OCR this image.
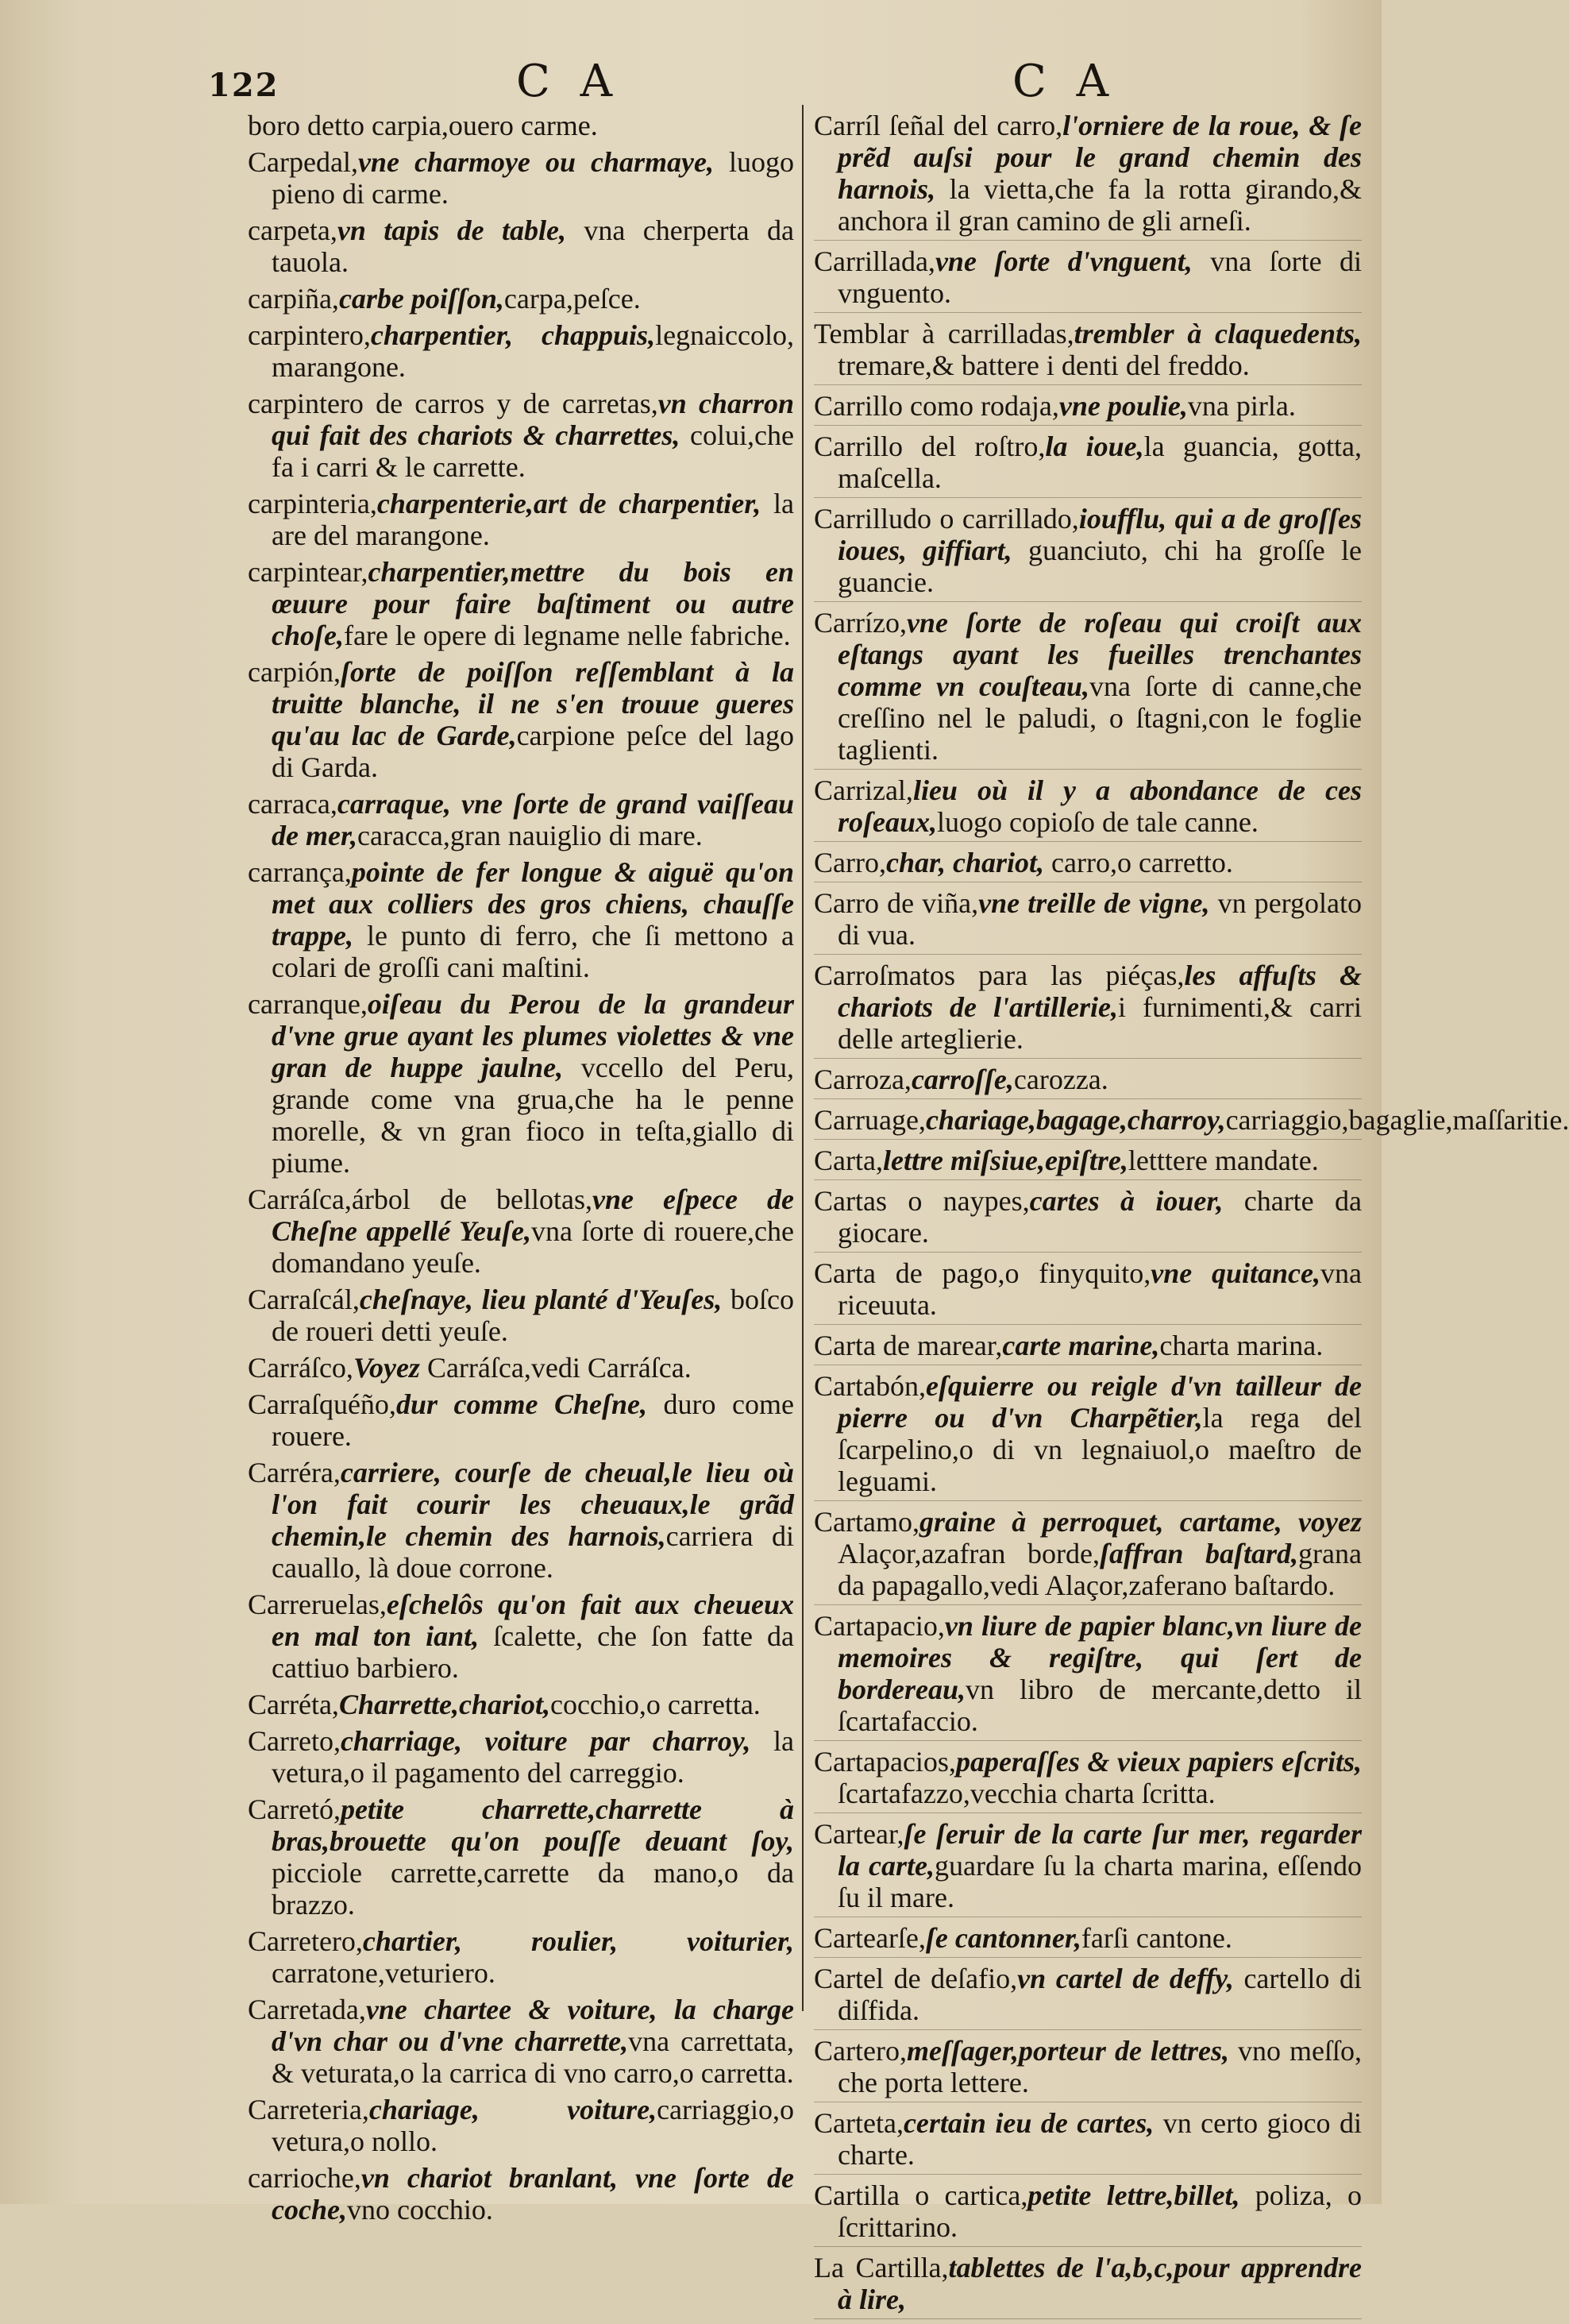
122	C A	C A

boro detto carpia,ouero carme.

Carpedal,vne charmoye ou charmaye, luogo pieno di carme.

carpeta,vn tapis de table, vna cherperta da tauola.

carpiña,carbe poiſſon,carpa,peſce.

carpintero,charpentier, chappuis,legnaiccolo, marangone.

carpintero de carros y de carretas,vn charron qui fait des chariots & charrettes, colui,che fa i carri & le carrette.

carpinteria,charpenterie,art de charpentier, la are del marangone.

carpintear,charpentier,mettre du bois en œuure pour faire baſtiment ou autre choſe,fare le opere di legname nelle fabriche.

carpión,ſorte de poiſſon reſſemblant à la truitte blanche, il ne s'en trouue gueres qu'au lac de Garde,carpione peſce del lago di Garda.

carraca,carraque, vne ſorte de grand vaiſſeau de mer,caracca,gran nauiglio di mare.

carrança,pointe de fer longue & aiguë qu'on met aux colliers des gros chiens, chauſſe trappe, le punto di ferro, che ſi mettono a colari de groſſi cani maſtini.

carranque,oiſeau du Perou de la grandeur d'vne grue ayant les plumes violettes & vne gran de huppe jaulne, vccello del Peru, grande come vna grua,che ha le penne morelle, & vn gran fioco in teſta,giallo di piume.

Carráſca,árbol de bellotas,vne eſpece de Cheſne appellé Yeuſe,vna ſorte di rouere,che domandano yeuſe.

Carraſcál,cheſnaye, lieu planté d'Yeuſes, boſco de roueri detti yeuſe.

Carráſco,Voyez Carráſca,vedi Carráſca.

Carraſquéño,dur comme Cheſne, duro come rouere.

Carréra,carriere, courſe de cheual,le lieu où l'on fait courir les cheuaux,le grãd chemin,le chemin des harnois,carriera di cauallo, là doue corrone.

Carreruelas,eſchelôs qu'on fait aux cheueux en mal ton iant, ſcalette, che ſon fatte da cattiuo barbiero.

Carréta,Charrette,chariot,cocchio,o carretta.

Carreto,charriage, voiture par charroy, la vetura,o il pagamento del carreggio.

Carretó,petite charrette,charrette à bras,brouette qu'on pouſſe deuant ſoy, picciole carrette,carrette da mano,o da brazzo.

Carretero,chartier, roulier, voiturier, carratone,veturiero.

Carretada,vne chartee & voiture, la charge d'vn char ou d'vne charrette,vna carrettata, & veturata,o la carrica di vno carro,o carretta.

Carreteria,chariage, voiture,carriaggio,o vetura,o nollo.

carrioche,vn chariot branlant, vne ſorte de coche,vno cocchio.

Carríl ſeñal del carro,l'orniere de la roue, & ſe prẽd auſsi pour le grand chemin des harnois, la vietta,che fa la rotta girando,& anchora il gran camino de gli arneſi.

Carrillada,vne ſorte d'vnguent, vna ſorte di vnguento.

Temblar à carrilladas,trembler à claquedents, tremare,& battere i denti del freddo.

Carrillo como rodaja,vne poulie,vna pirla.

Carrillo del roſtro,la ioue,la guancia, gotta, maſcella.

Carrilludo o carrillado,ioufflu, qui a de groſſes ioues, giffiart, guanciuto, chi ha groſſe le guancie.

Carrízo,vne ſorte de roſeau qui croiſt aux eſtangs ayant les fueilles trenchantes comme vn couſteau,vna ſorte di canne,che creſſino nel le paludi, o ſtagni,con le foglie taglienti.

Carrizal,lieu où il y a abondance de ces roſeaux,luogo copioſo de tale canne.

Carro,char, chariot, carro,o carretto.

Carro de viña,vne treille de vigne, vn pergolato di vua.

Carroſmatos para las piéças,les affuſts & chariots de l'artillerie,i furnimenti,& carri delle arteglierie.

Carroza,carroſſe,carozza.

Carruage,chariage,bagage,charroy,carriaggio,bagaglie,maſſaritie.

Carta,lettre miſsiue,epiſtre,letttere mandate.

Cartas o naypes,cartes à iouer, charte da giocare.

Carta de pago,o finyquito,vne quitance,vna riceuuta.

Carta de marear,carte marine,charta marina.

Cartabón,eſquierre ou reigle d'vn tailleur de pierre ou d'vn Charpẽtier,la rega del ſcarpelino,o di vn legnaiuol,o maeſtro de leguami.

Cartamo,graine à perroquet, cartame, voyez Alaçor,azafran borde,ſaffran baſtard,grana da papagallo,vedi Alaçor,zaferano baſtardo.

Cartapacio,vn liure de papier blanc,vn liure de memoires & regiſtre, qui ſert de bordereau,vn libro de mercante,detto il ſcartafaccio.

Cartapacios,paperaſſes & vieux papiers eſcrits, ſcartafazzo,vecchia charta ſcritta.

Cartear,ſe ſeruir de la carte ſur mer, regarder la carte,guardare ſu la charta marina, eſſendo ſu il mare.

Cartearſe,ſe cantonner,farſi cantone.

Cartel de deſafio,vn cartel de deffy, cartello di diſfida.

Cartero,meſſager,porteur de lettres, vno meſſo, che porta lettere.

Carteta,certain ieu de cartes, vn certo gioco di charte.

Cartilla o cartica,petite lettre,billet, poliza, o ſcrittarino.

La Cartilla,tablettes de l'a,b,c,pour apprendre à lire,
